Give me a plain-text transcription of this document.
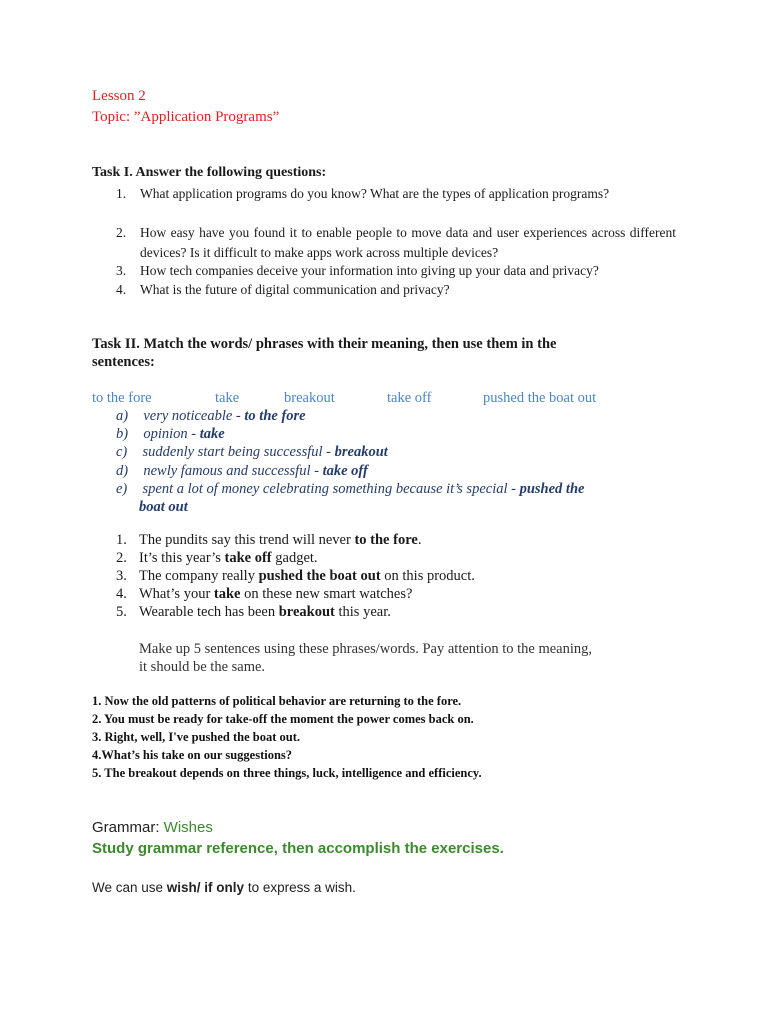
Lesson 2
Topic: ”Application Programs”
Task I. Answer the following questions:
1. What application programs do you know? What are the types of application programs?
2. How easy have you found it to enable people to move data and user experiences across different devices? Is it difficult to make apps work across multiple devices?
3. How tech companies deceive your information into giving up your data and privacy?
4. What is the future of digital communication and privacy?
Task II. Match the words/ phrases with their meaning, then use them in the
sentences:
to the fore	take	breakout	take off	pushed the boat out
a) very noticeable - to the fore
b) opinion - take
c) suddenly start being successful - breakout
d) newly famous and successful - take off
e) spent a lot of money celebrating something because it’s special - pushed the
boat out
1. The pundits say this trend will never to the fore.
2. It’s this year’s take off gadget.
3. The company really pushed the boat out on this product.
4. What’s your take on these new smart watches?
5. Wearable tech has been breakout this year.
Make up 5 sentences using these phrases/words. Pay attention to the meaning,
it should be the same.
1. Now the old patterns of political behavior are returning to the fore.
2. You must be ready for take-off the moment the power comes back on.
3. Right, well, I've pushed the boat out.
4.What’s his take on our suggestions?
5. The breakout depends on three things, luck, intelligence and efficiency.
Grammar: Wishes
Study grammar reference, then accomplish the exercises.
We can use wish/ if only to express a wish.
